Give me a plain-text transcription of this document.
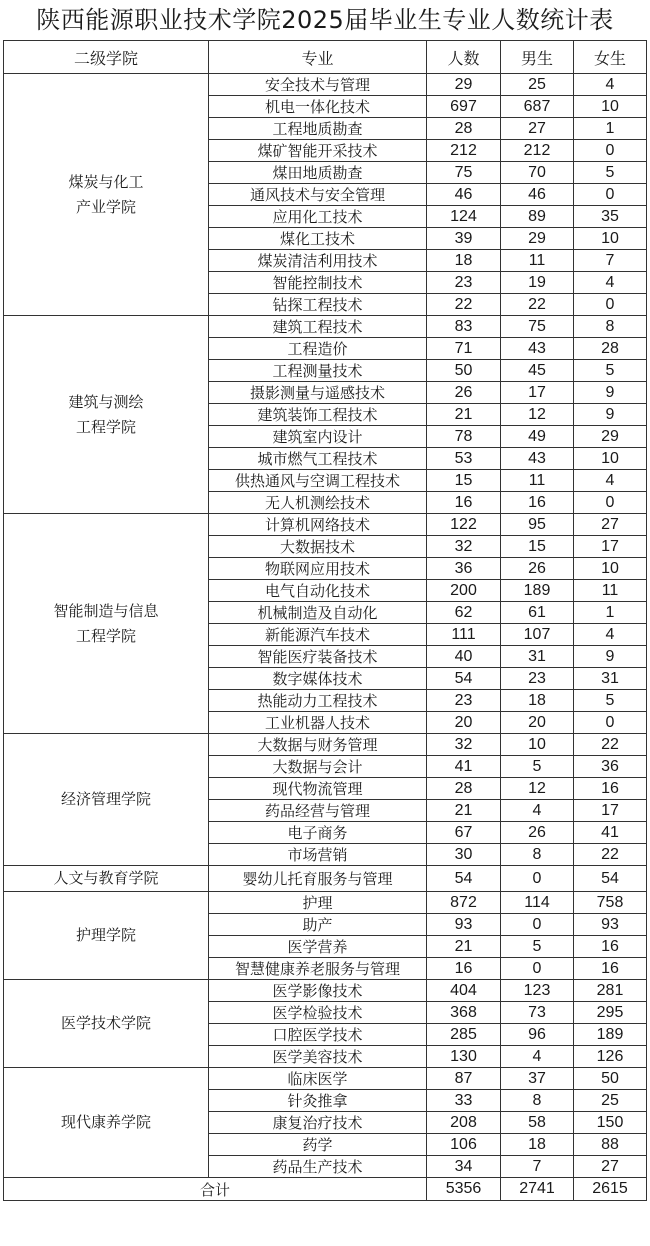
陕西能源职业技术学院2025届毕业生专业人数统计表
二级学院	专业	人数	男生	女生

煤炭与化工
产业学院	安全技术与管理	29	25	4
	机电一体化技术	697	687	10
	工程地质勘查	28	27	1
	煤矿智能开采技术	212	212	0
	煤田地质勘查	75	70	5
	通风技术与安全管理	46	46	0
	应用化工技术	124	89	35
	煤化工技术	39	29	10
	煤炭清洁利用技术	18	11	7
	智能控制技术	23	19	4
	钻探工程技术	22	22	0

建筑与测绘
工程学院	建筑工程技术	83	75	8
	工程造价	71	43	28
	工程测量技术	50	45	5
	摄影测量与遥感技术	26	17	9
	建筑装饰工程技术	21	12	9
	建筑室内设计	78	49	29
	城市燃气工程技术	53	43	10
	供热通风与空调工程技术	15	11	4
	无人机测绘技术	16	16	0

智能制造与信息
工程学院	计算机网络技术	122	95	27
	大数据技术	32	15	17
	物联网应用技术	36	26	10
	电气自动化技术	200	189	11
	机械制造及自动化	62	61	1
	新能源汽车技术	111	107	4
	智能医疗装备技术	40	31	9
	数字媒体技术	54	23	31
	热能动力工程技术	23	18	5
	工业机器人技术	20	20	0

经济管理学院	大数据与财务管理	32	10	22
	大数据与会计	41	5	36
	现代物流管理	28	12	16
	药品经营与管理	21	4	17
	电子商务	67	26	41
	市场营销	30	8	22

人文与教育学院	婴幼儿托育服务与管理	54	0	54

护理学院	护理	872	114	758
	助产	93	0	93
	医学营养	21	5	16
	智慧健康养老服务与管理	16	0	16

医学技术学院	医学影像技术	404	123	281
	医学检验技术	368	73	295
	口腔医学技术	285	96	189
	医学美容技术	130	4	126

现代康养学院	临床医学	87	37	50
	针灸推拿	33	8	25
	康复治疗技术	208	58	150
	药学	106	18	88
	药品生产技术	34	7	27
合计		5356	2741	2615
